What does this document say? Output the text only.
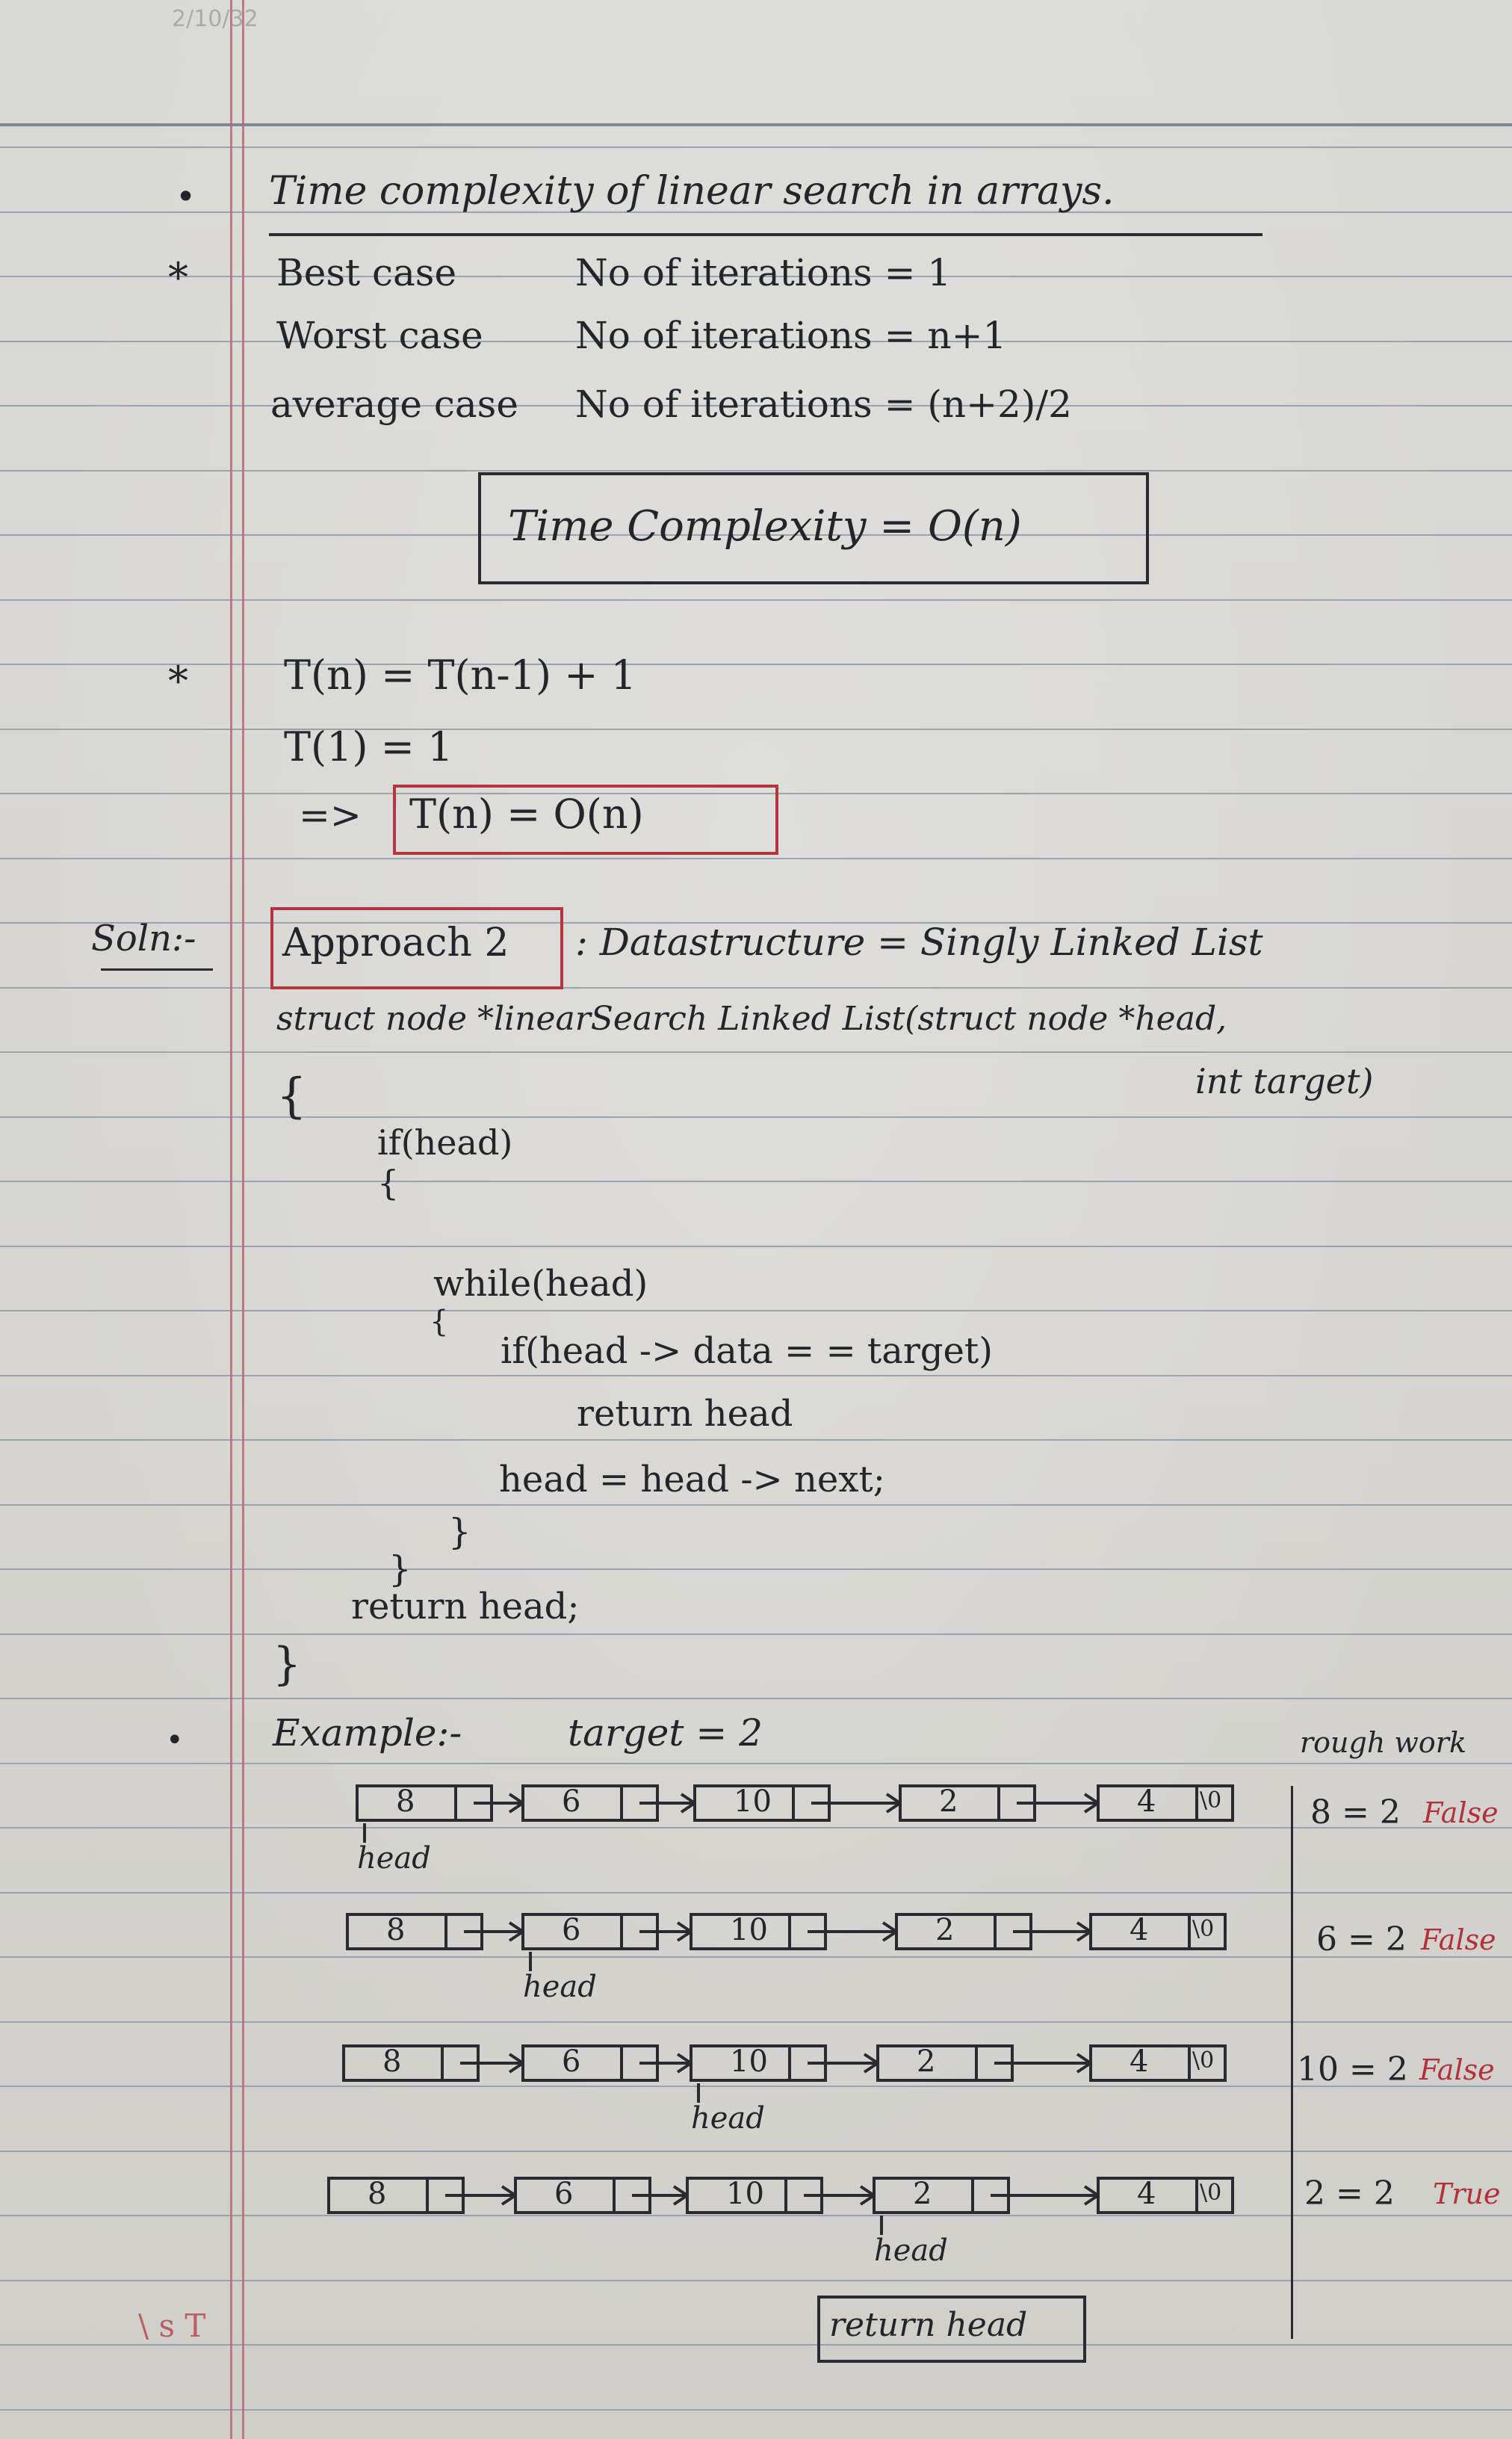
2/10/32
• Time complexity of linear search in arrays.
* Best case	No of iterations = 1
Worst case No of iterations = n+1
average case No of iterations = (n+2)/2
Time Complexity = O(n)
* T(n) = T(n-1) + 1
T(1) = 1
=> T(n) = O(n)
Soln:- Approach 2 : Datastructure = Singly Linked List
struct node *linearSearch Linked List(struct node *head,
int target)
{
if(head)
{
while(head)
{
if(head -> data = = target)
return head
head = head -> next;
}
}
return head;
}
• Example:-	target = 2	rough work
8	6	10	2	4 \0
head
8	6	10	2	4 \0
head
8	6	10	2	4 \0
head
8	6	10	2	4 \0
head
8 = 2 False
6 = 2 False
10 = 2 False
2 = 2 True
return head
\ s T
